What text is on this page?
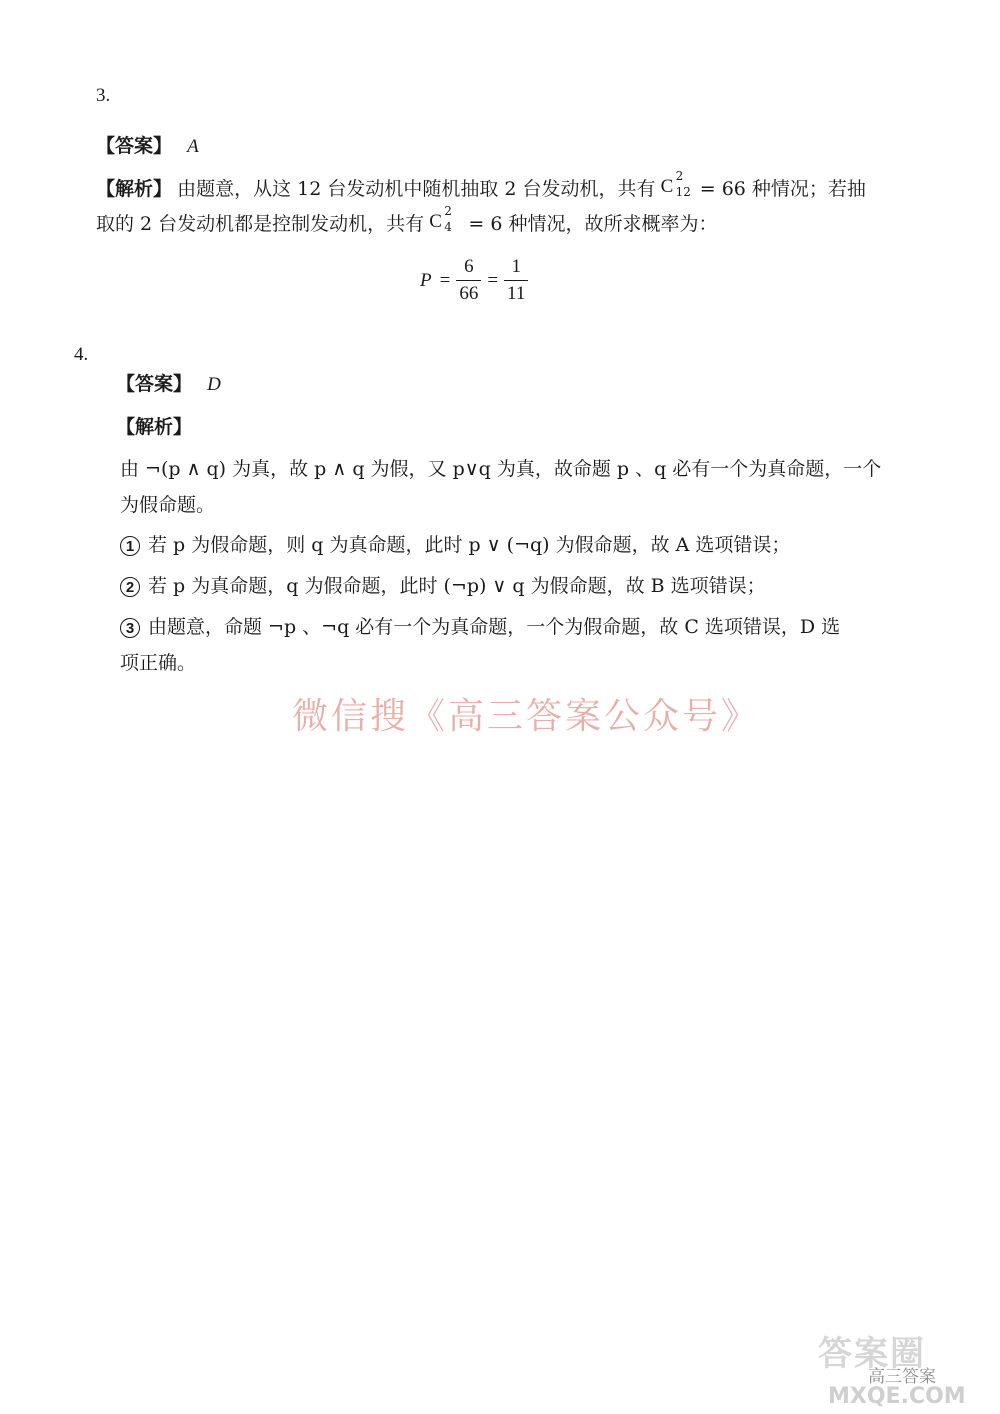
3.
【答案】 A
【解析】 由题意，从这 12 台发动机中随机抽取 2 台发动机，共有 C 2
12 = 66 种情况；若抽
取的 2 台发动机都是控制发动机，共有 C 2
4 = 6 种情况，故所求概率为：
$P = \frac{6}{66} = \frac{1}{11}$
4.
【答案】 D
【解析】
由 ¬(p ∧ q) 为真，故 p ∧ q 为假，又 p∨q 为真，故命题 p 、q 必有一个为真命题，一个
为假命题。
1 若 p 为假命题，则 q 为真命题，此时 p ∨ (¬q) 为假命题，故 A 选项错误；
2 若 p 为真命题，q 为假命题，此时 (¬p) ∨ q 为假命题，故 B 选项错误；
3 由题意，命题 ¬p 、¬q 必有一个为真命题，一个为假命题，故 C 选项错误，D 选
项正确。
微信搜《高三答案公众号》
答案圈
高三答案
MXQE.COM
